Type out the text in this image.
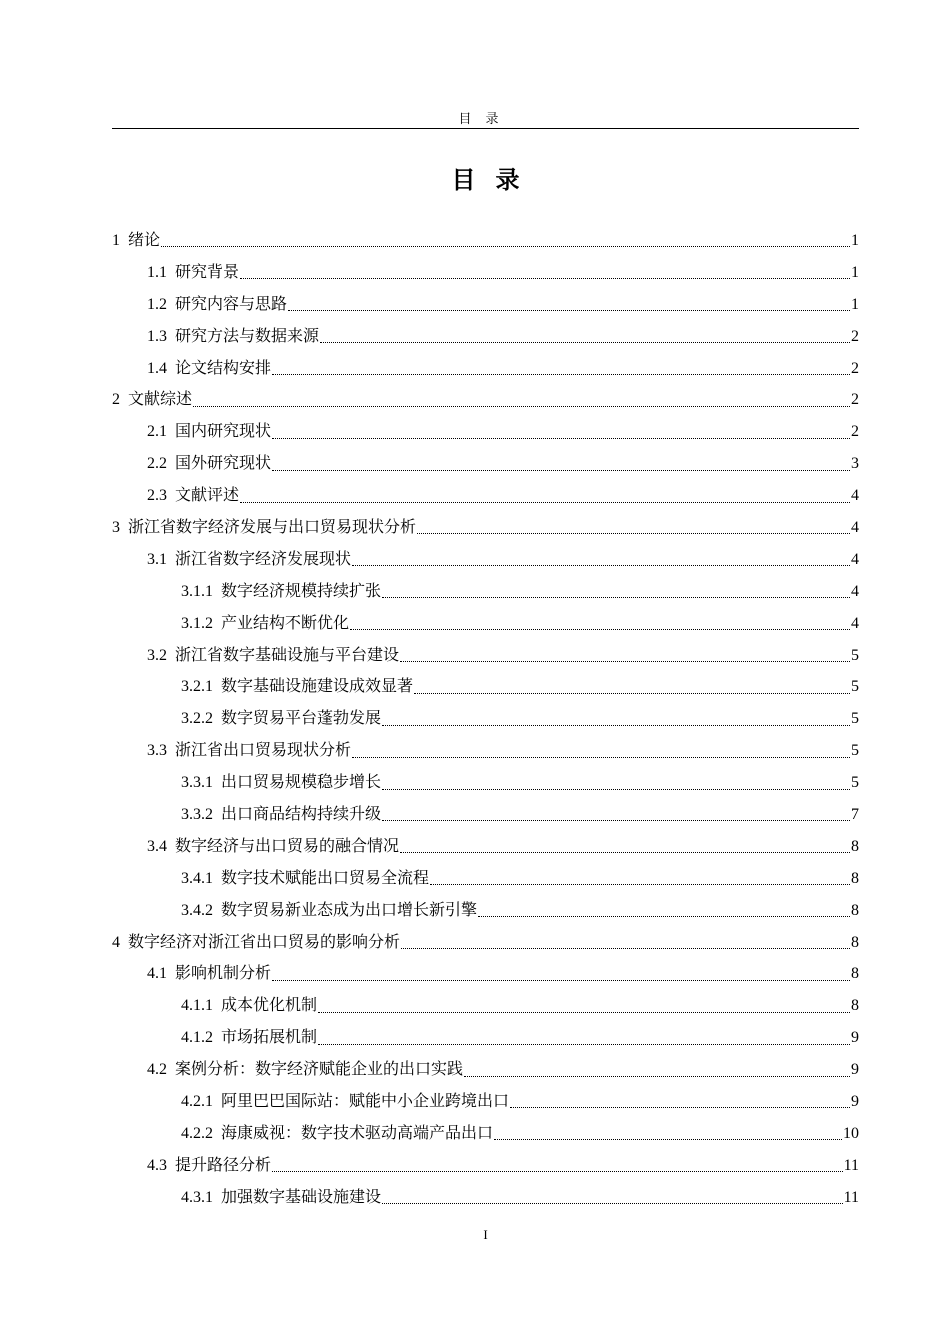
目录
目录
1 绪论	1
1.1 研究背景	1
1.2 研究内容与思路	1
1.3 研究方法与数据来源	2
1.4 论文结构安排	2
2 文献综述	2
2.1 国内研究现状	2
2.2 国外研究现状	3
2.3 文献评述	4
3 浙江省数字经济发展与出口贸易现状分析	4
3.1 浙江省数字经济发展现状	4
3.1.1 数字经济规模持续扩张	4
3.1.2 产业结构不断优化	4
3.2 浙江省数字基础设施与平台建设	5
3.2.1 数字基础设施建设成效显著	5
3.2.2 数字贸易平台蓬勃发展	5
3.3 浙江省出口贸易现状分析	5
3.3.1 出口贸易规模稳步增长	5
3.3.2 出口商品结构持续升级	7
3.4 数字经济与出口贸易的融合情况	8
3.4.1 数字技术赋能出口贸易全流程	8
3.4.2 数字贸易新业态成为出口增长新引擎	8
4 数字经济对浙江省出口贸易的影响分析	8
4.1 影响机制分析	8
4.1.1 成本优化机制	8
4.1.2 市场拓展机制	9
4.2 案例分析：数字经济赋能企业的出口实践	9
4.2.1 阿里巴巴国际站：赋能中小企业跨境出口	9
4.2.2 海康威视：数字技术驱动高端产品出口	10
4.3 提升路径分析	11
4.3.1 加强数字基础设施建设	11
I
